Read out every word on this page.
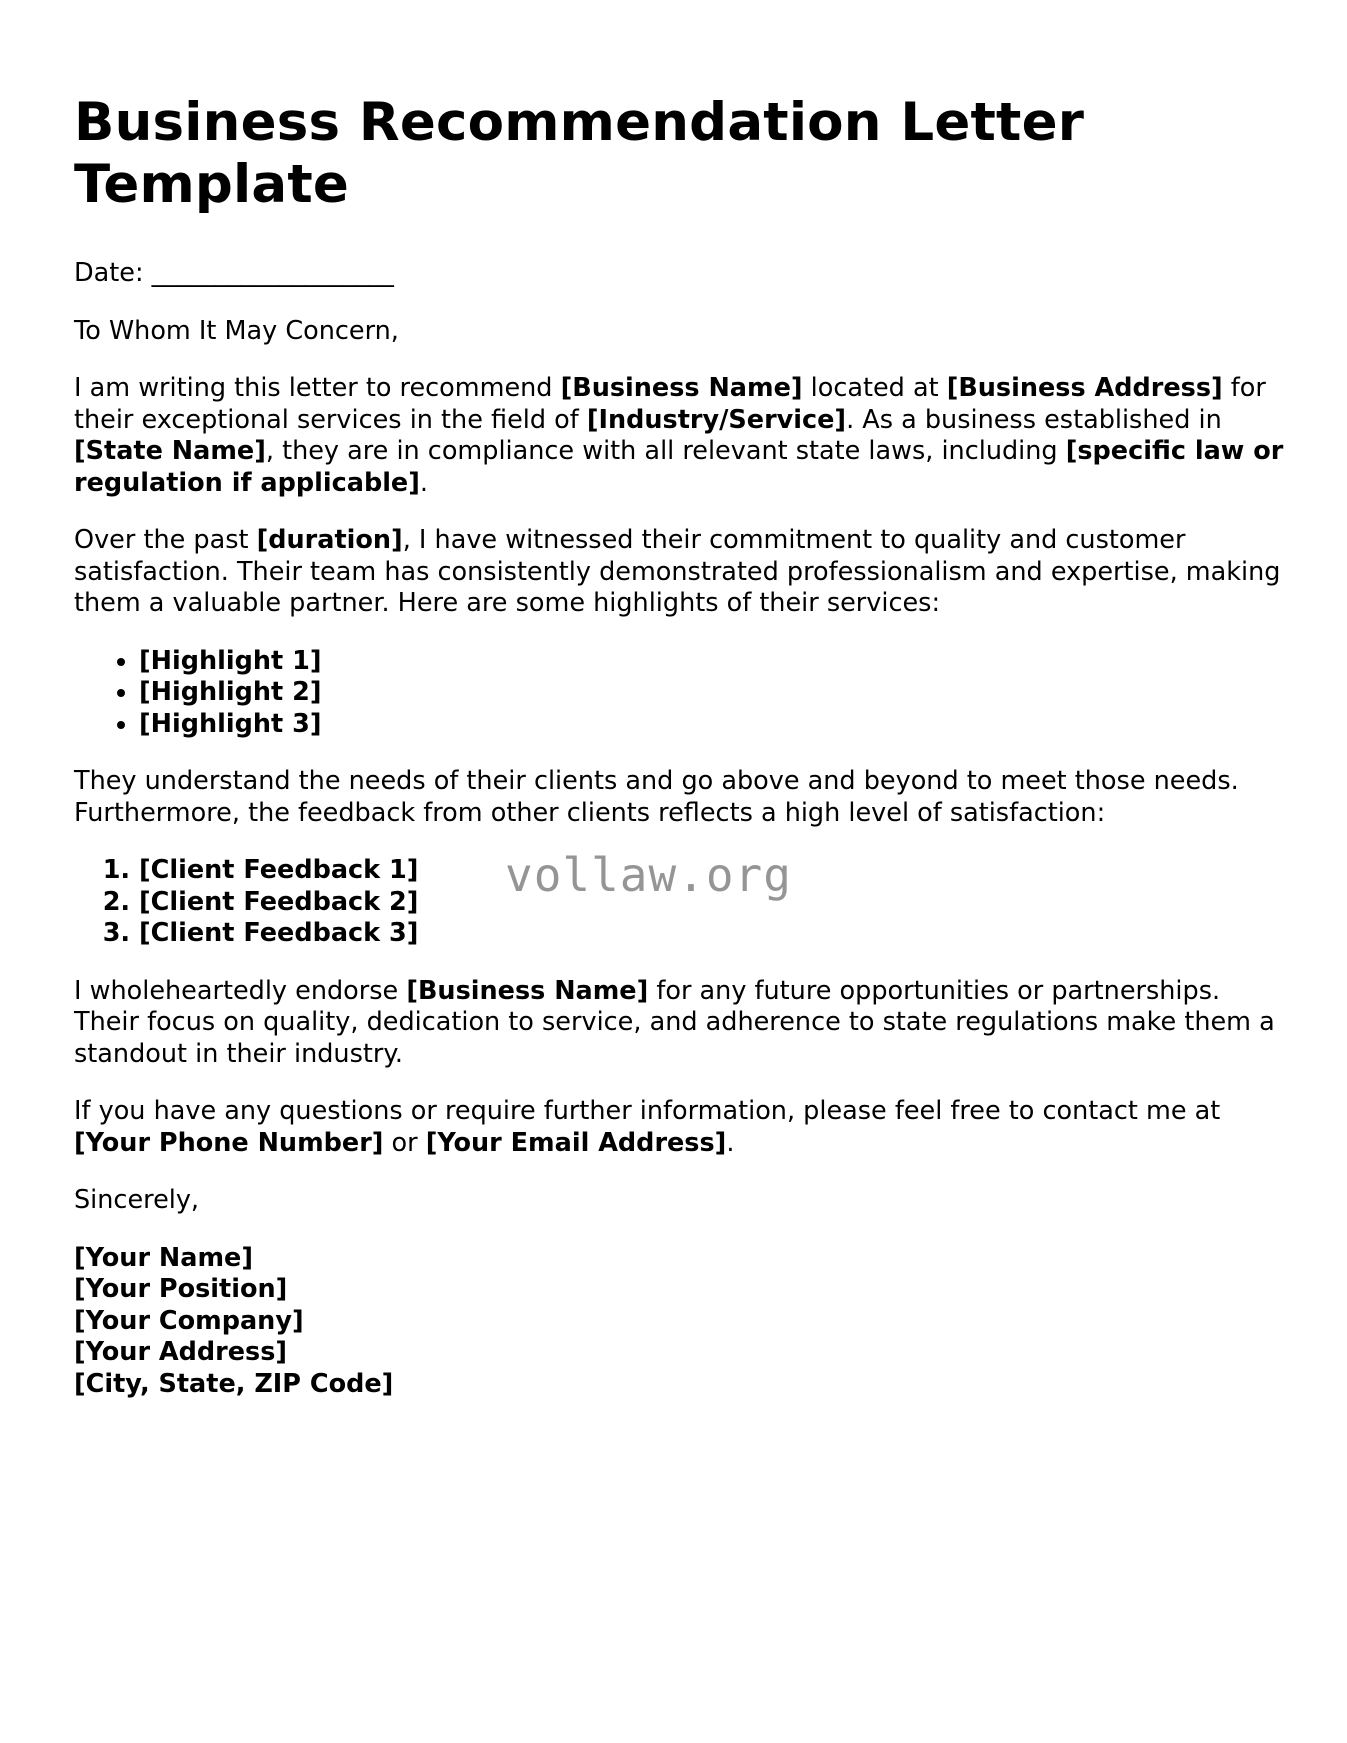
Business Recommendation Letter Template

Date: ___________________

To Whom It May Concern,

I am writing this letter to recommend [Business Name] located at [Business Address] for their exceptional services in the field of [Industry/Service]. As a business established in [State Name], they are in compliance with all relevant state laws, including [specific law or regulation if applicable].

Over the past [duration], I have witnessed their commitment to quality and customer satisfaction. Their team has consistently demonstrated professionalism and expertise, making them a valuable partner. Here are some highlights of their services:

• [Highlight 1]
• [Highlight 2]
• [Highlight 3]

They understand the needs of their clients and go above and beyond to meet those needs. Furthermore, the feedback from other clients reflects a high level of satisfaction:

1. [Client Feedback 1]
2. [Client Feedback 2]
3. [Client Feedback 3]

I wholeheartedly endorse [Business Name] for any future opportunities or partnerships. Their focus on quality, dedication to service, and adherence to state regulations make them a standout in their industry.

If you have any questions or require further information, please feel free to contact me at [Your Phone Number] or [Your Email Address].

Sincerely,

[Your Name]
[Your Position]
[Your Company]
[Your Address]
[City, State, ZIP Code]
vollaw.org
